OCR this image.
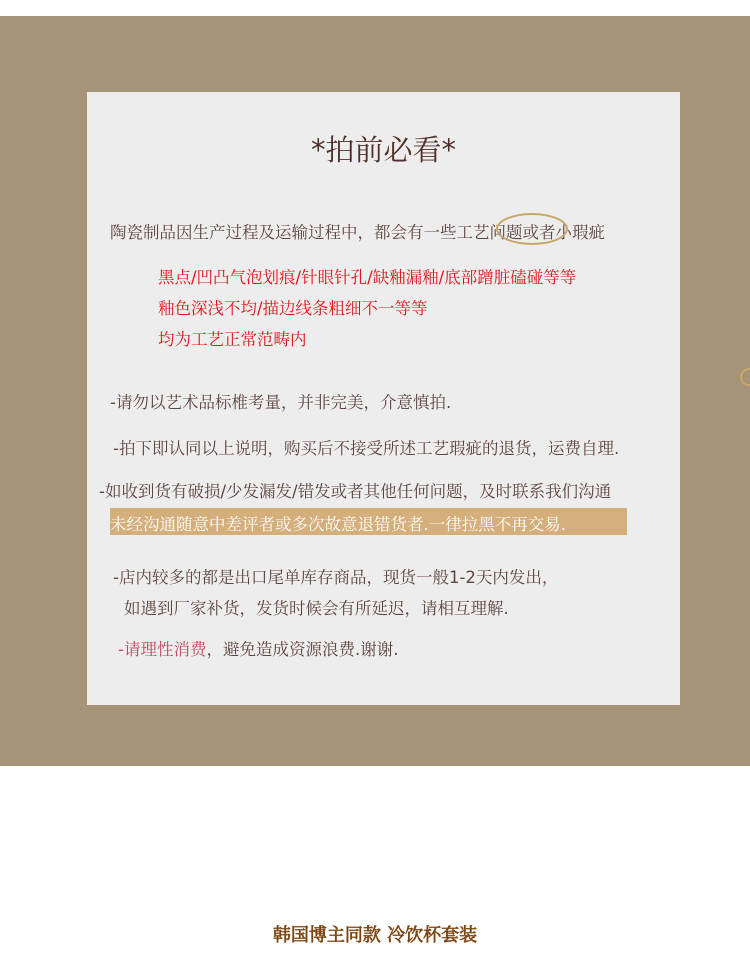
*拍前必看*

陶瓷制品因生产过程及运输过程中，都会有一些工艺问题或者小瑕疵

黑点/凹凸气泡划痕/针眼针孔/缺釉漏釉/底部蹭脏磕碰等等

釉色深浅不均/描边线条粗细不一等等

均为工艺正常范畴内

-请勿以艺术品标椎考量，并非完美，介意慎拍.

-拍下即认同以上说明，购买后不接受所述工艺瑕疵的退货，运费自理.

-如收到货有破损/少发漏发/错发或者其他任何问题，及时联系我们沟通

未经沟通随意中差评者或多次故意退错货者.一律拉黑不再交易.

-店内较多的都是出口尾单库存商品，现货一般1-2天内发出，

如遇到厂家补货，发货时候会有所延迟，请相互理解.

-请理性消费，避免造成资源浪费.谢谢.

韩国博主同款 冷饮杯套装
